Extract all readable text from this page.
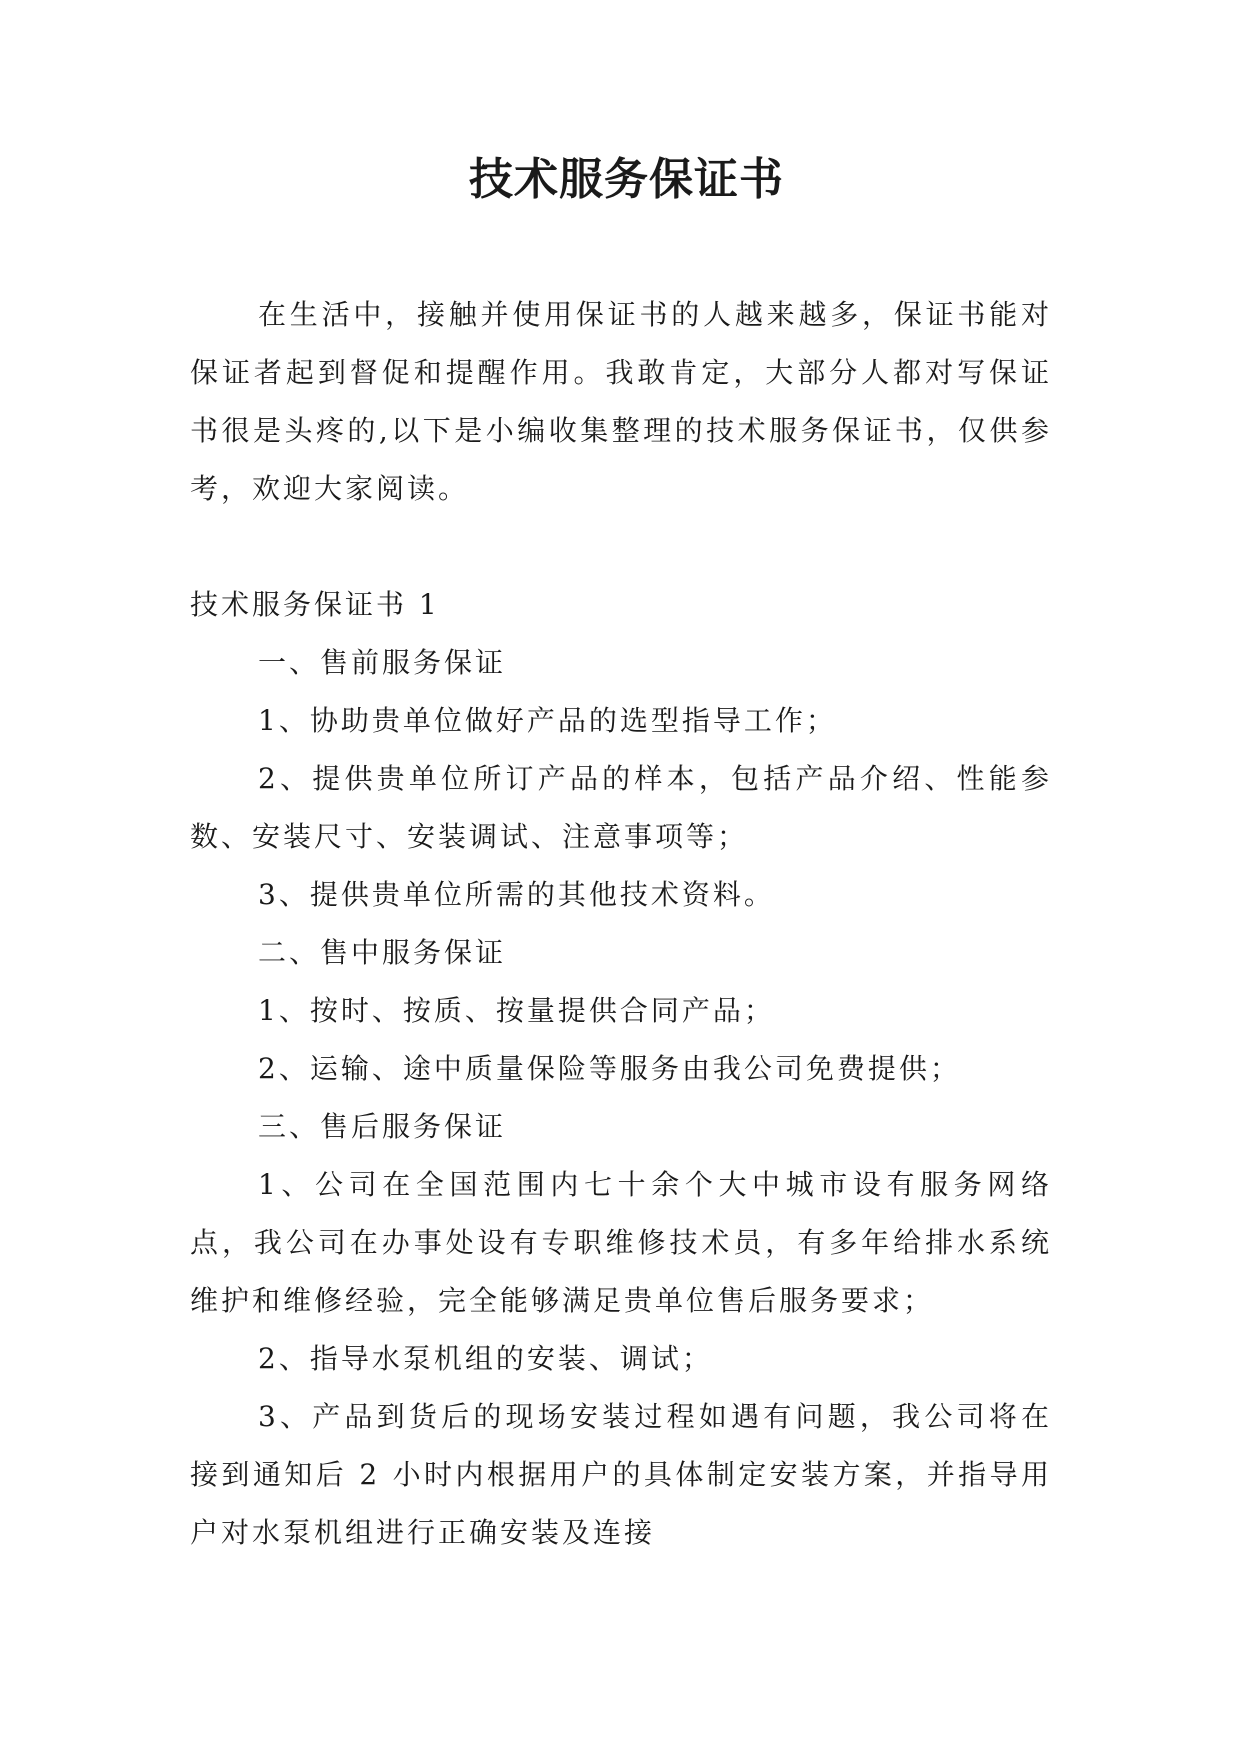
技术服务保证书

在生活中，接触并使用保证书的人越来越多，保证书能对保证者起到督促和提醒作用。我敢肯定，大部分人都对写保证书很是头疼的,以下是小编收集整理的技术服务保证书，仅供参考，欢迎大家阅读。

技术服务保证书 1

一、售前服务保证

1、协助贵单位做好产品的选型指导工作；

2、提供贵单位所订产品的样本，包括产品介绍、性能参数、安装尺寸、安装调试、注意事项等；

3、提供贵单位所需的其他技术资料。

二、售中服务保证

1、按时、按质、按量提供合同产品；

2、运输、途中质量保险等服务由我公司免费提供；

三、售后服务保证

1、公司在全国范围内七十余个大中城市设有服务网络点，我公司在办事处设有专职维修技术员，有多年给排水系统维护和维修经验，完全能够满足贵单位售后服务要求；

2、指导水泵机组的安装、调试；

3、产品到货后的现场安装过程如遇有问题，我公司将在接到通知后 2 小时内根据用户的具体制定安装方案，并指导用户对水泵机组进行正确安装及连接
